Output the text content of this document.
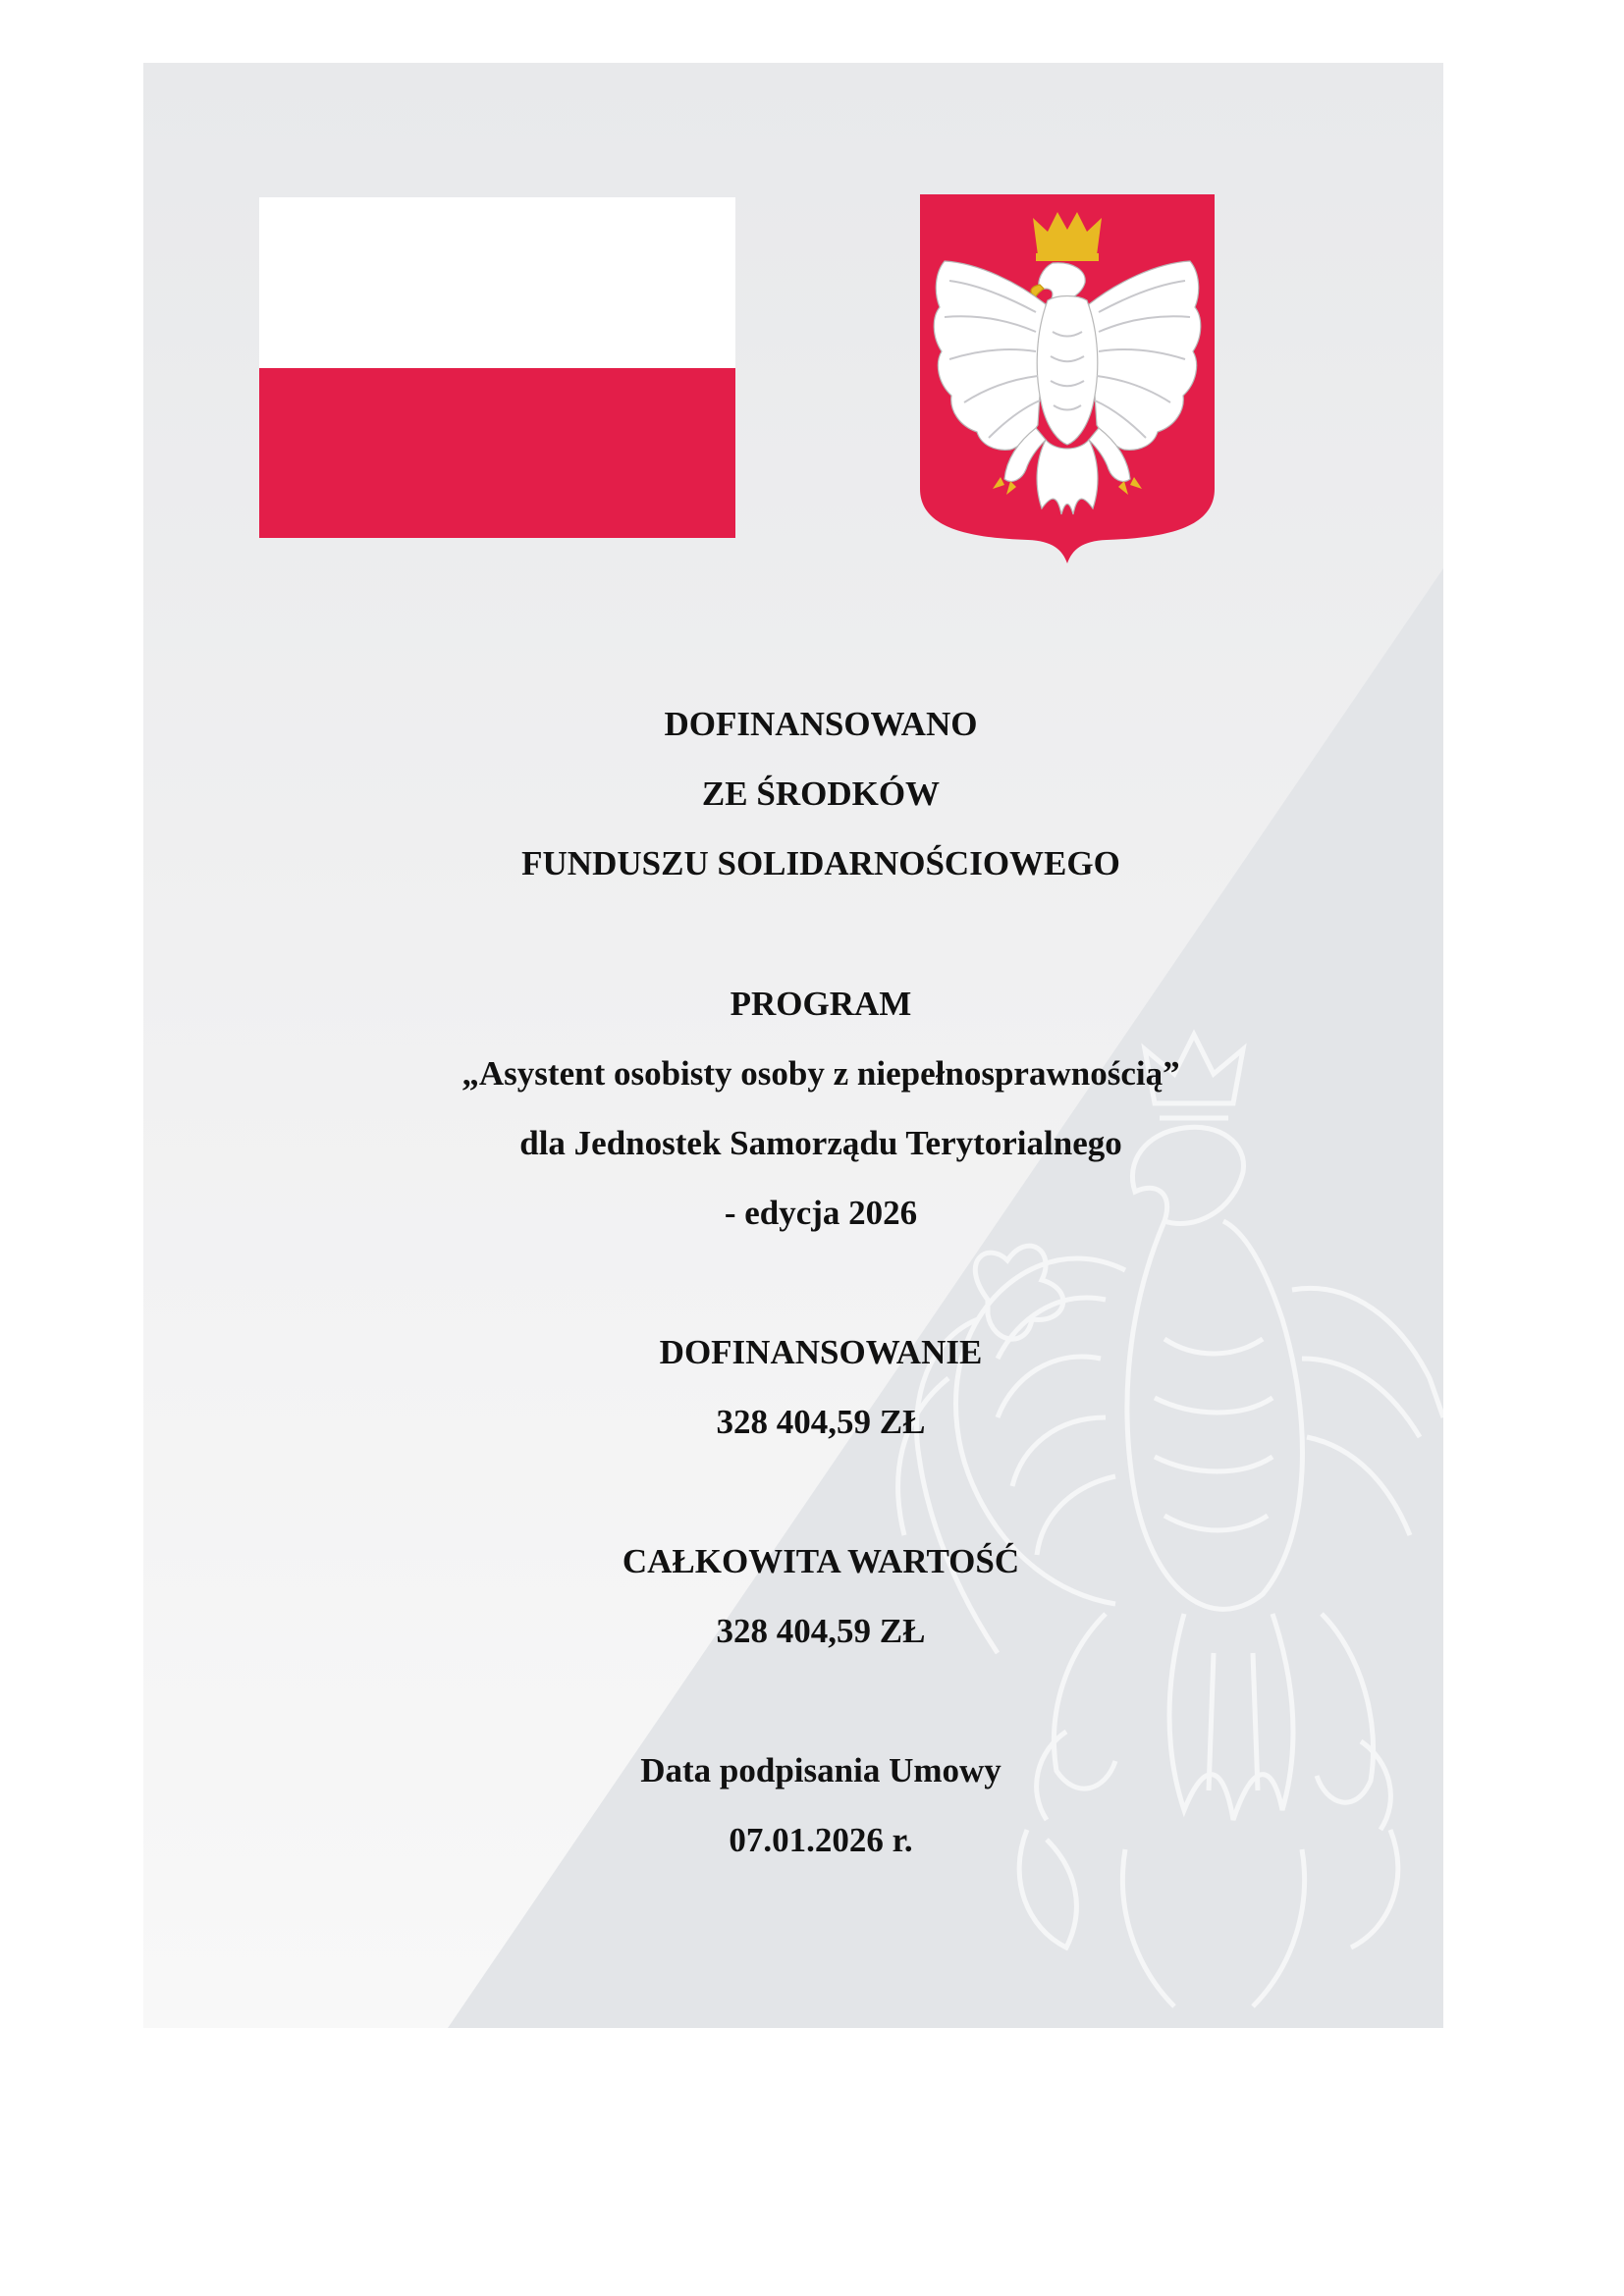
DOFINANSOWANO
ZE ŚRODKÓW
FUNDUSZU SOLIDARNOŚCIOWEGO
PROGRAM
„Asystent osobisty osoby z niepełnosprawnością”
dla Jednostek Samorządu Terytorialnego
- edycja 2026
DOFINANSOWANIE
328 404,59 ZŁ
CAŁKOWITA WARTOŚĆ
328 404,59 ZŁ
Data podpisania Umowy
07.01.2026 r.
